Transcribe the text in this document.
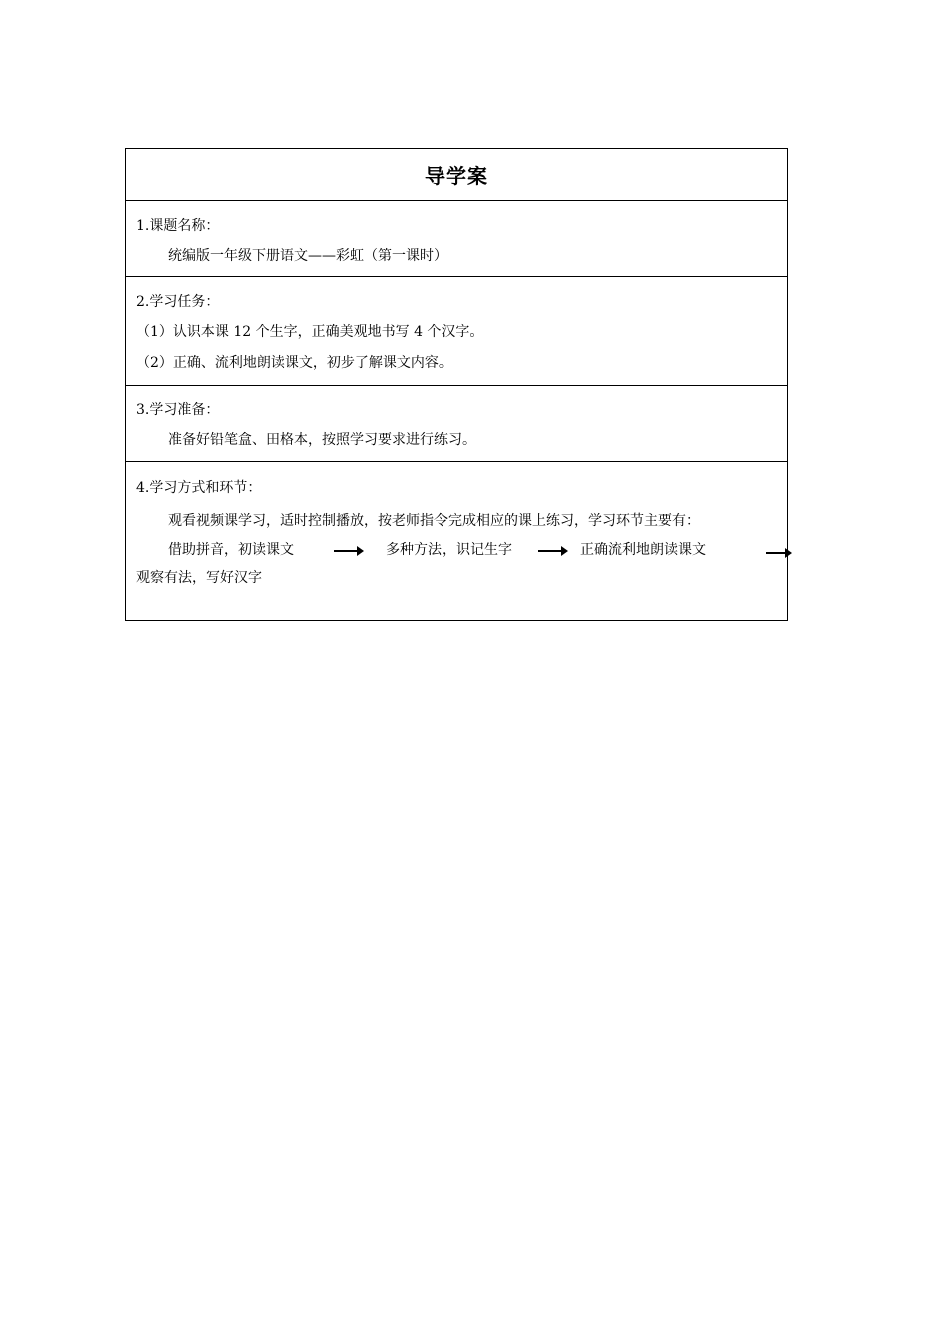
导学案
1.课题名称：
统编版一年级下册语文——彩虹（第一课时）
2.学习任务：
（1）认识本课 12 个生字，正确美观地书写 4 个汉字。
（2）正确、流利地朗读课文，初步了解课文内容。
3.学习准备：
准备好铅笔盒、田格本，按照学习要求进行练习。
4.学习方式和环节：
观看视频课学习，适时控制播放，按老师指令完成相应的课上练习，学习环节主要有：
借助拼音，初读课文	多种方法，识记生字	正确流利地朗读课文
观察有法，写好汉字
